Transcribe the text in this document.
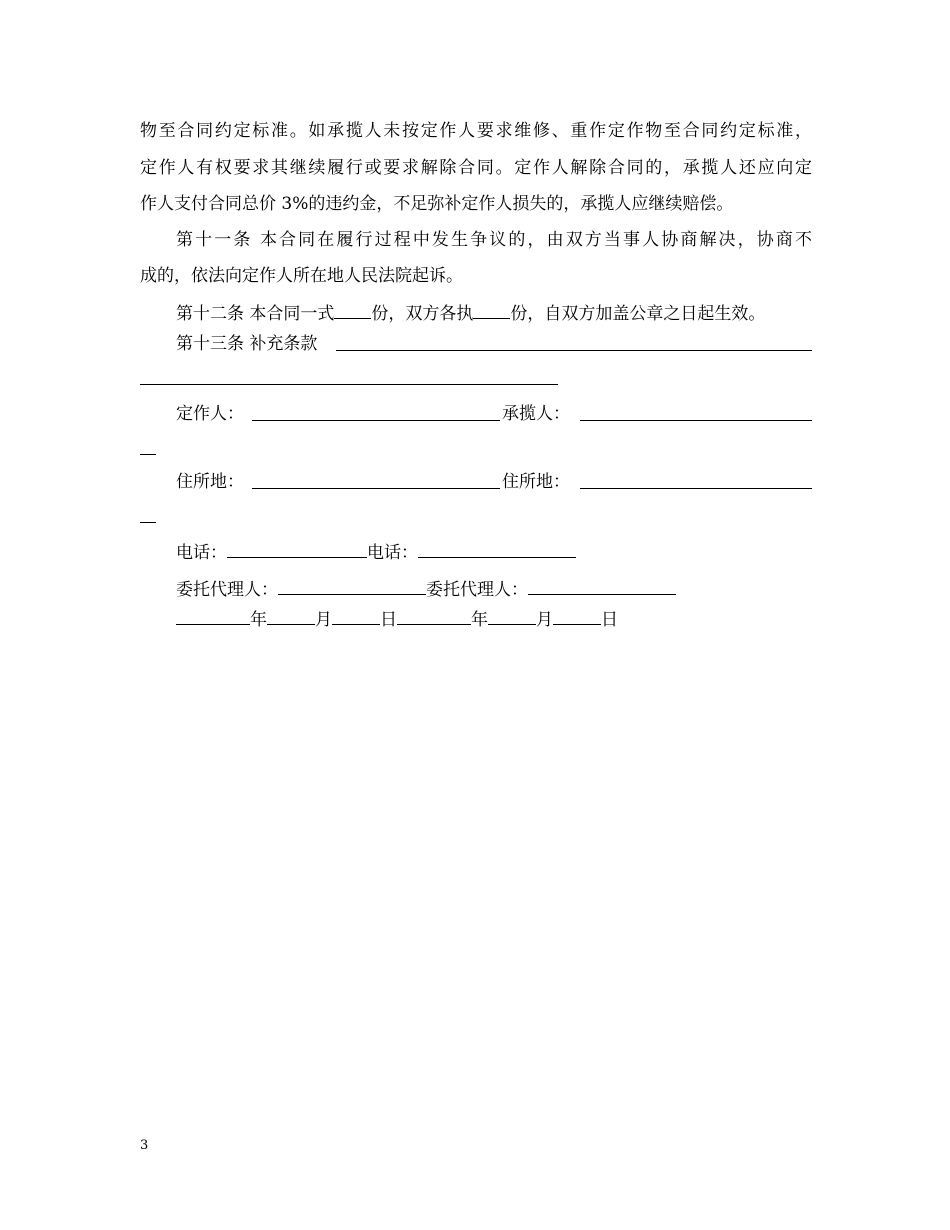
物至合同约定标准。如承揽人未按定作人要求维修、重作定作物至合同约定标准，
定作人有权要求其继续履行或要求解除合同。定作人解除合同的，承揽人还应向定
作人支付合同总价 3%的违约金，不足弥补定作人损失的，承揽人应继续赔偿。
第十一条 本合同在履行过程中发生争议的，由双方当事人协商解决，协商不
成的，依法向定作人所在地人民法院起诉。
第十二条 本合同一式 份，双方各执 份，自双方加盖公章之日起生效。
第十三条 补充条款
定作人：	承揽人：
住所地：	住所地：
电话：	电话：
委托代理人：	委托代理人：
年	月	日	年	月	日
3
